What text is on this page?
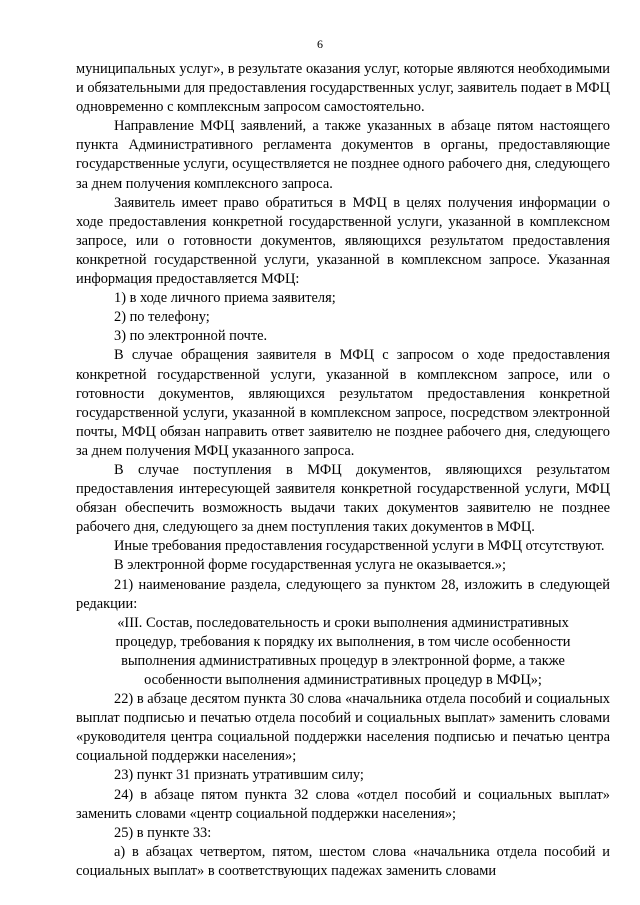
6

муниципальных услуг», в результате оказания услуг, которые являются необходимыми и обязательными для предоставления государственных услуг, заявитель подает в МФЦ одновременно с комплексным запросом самостоятельно.

Направление МФЦ заявлений, а также указанных в абзаце пятом настоящего пункта Административного регламента документов в органы, предоставляющие государственные услуги, осуществляется не позднее одного рабочего дня, следующего за днем получения комплексного запроса.

Заявитель имеет право обратиться в МФЦ в целях получения информации о ходе предоставления конкретной государственной услуги, указанной в комплексном запросе, или о готовности документов, являющихся результатом предоставления конкретной государственной услуги, указанной в комплексном запросе. Указанная информация предоставляется МФЦ:

1) в ходе личного приема заявителя;

2) по телефону;

3) по электронной почте.

В случае обращения заявителя в МФЦ с запросом о ходе предоставления конкретной государственной услуги, указанной в комплексном запросе, или о готовности документов, являющихся результатом предоставления конкретной государственной услуги, указанной в комплексном запросе, посредством электронной почты, МФЦ обязан направить ответ заявителю не позднее рабочего дня, следующего за днем получения МФЦ указанного запроса.

В случае поступления в МФЦ документов, являющихся результатом предоставления интересующей заявителя конкретной государственной услуги, МФЦ обязан обеспечить возможность выдачи таких документов заявителю не позднее рабочего дня, следующего за днем поступления таких документов в МФЦ.

Иные требования предоставления государственной услуги в МФЦ отсутствуют.

В электронной форме государственная услуга не оказывается.»;

21) наименование раздела, следующего за пунктом 28, изложить в следующей редакции:

«III. Состав, последовательность и сроки выполнения административных

процедур, требования к порядку их выполнения, в том числе особенности

выполнения административных процедур в электронной форме, а также

особенности выполнения административных процедур в МФЦ»;

22) в абзаце десятом пункта 30 слова «начальника отдела пособий и социальных выплат подписью и печатью отдела пособий и социальных выплат» заменить словами «руководителя центра социальной поддержки населения подписью и печатью центра социальной поддержки населения»;

23) пункт 31 признать утратившим силу;

24) в абзаце пятом пункта 32 слова «отдел пособий и социальных выплат» заменить словами «центр социальной поддержки населения»;

25) в пункте 33:

а) в абзацах четвертом, пятом, шестом слова «начальника отдела пособий и социальных выплат» в соответствующих падежах заменить словами
